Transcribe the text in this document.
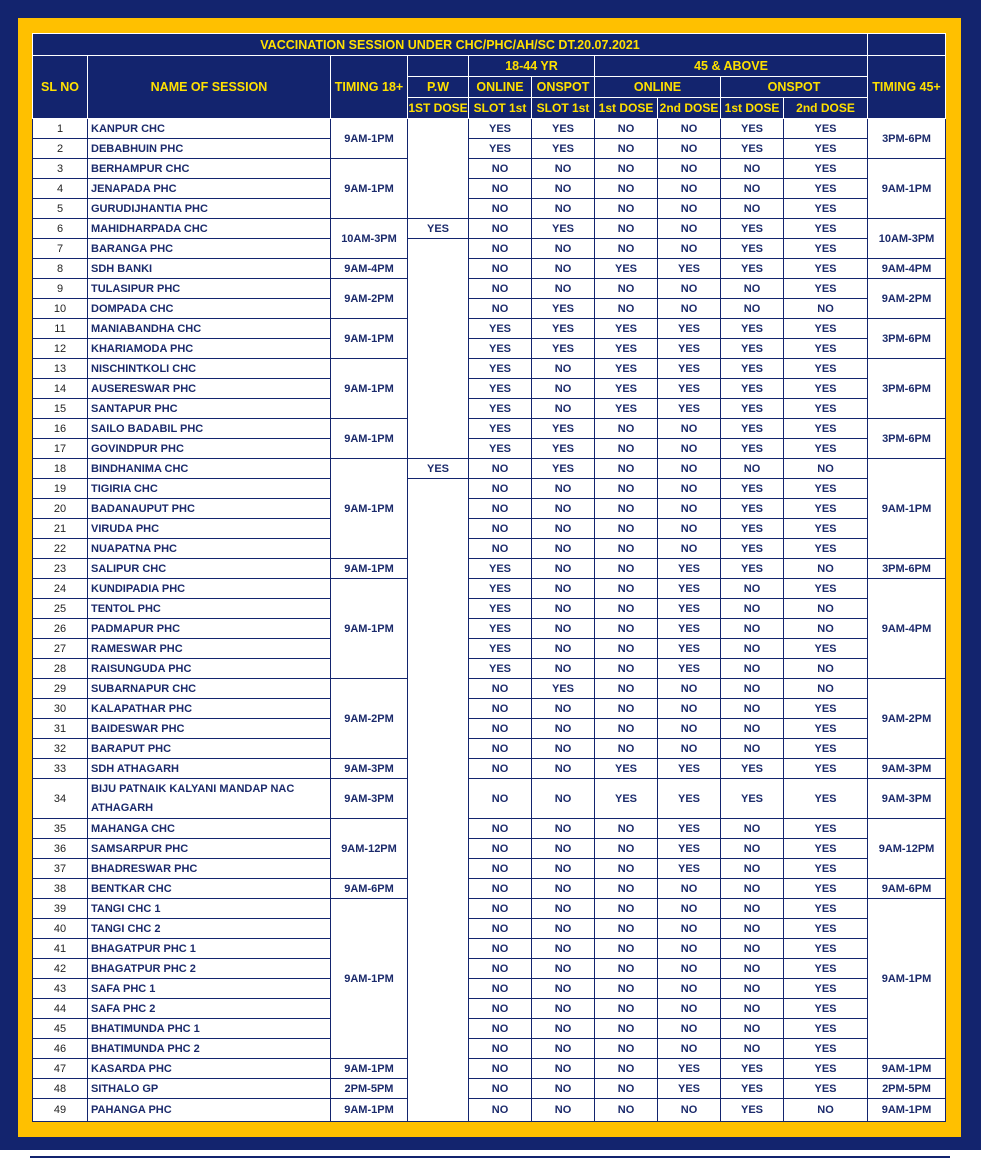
VACCINATION SESSION UNDER CHC/PHC/AH/SC DT.20.07.2021										
SL NO	NAME OF SESSION	TIMING 18+		18-44 YR		45 & ABOVE				TIMING 45+
			P.W	ONLINE	ONSPOT	ONLINE		ONSPOT		
			1ST DOSE	SLOT 1st	SLOT 1st	1st DOSE	2nd DOSE	1st DOSE	2nd DOSE	
1	KANPUR CHC	9AM-1PM		YES	YES	NO	NO	YES	YES	3PM-6PM
2	DEBABHUIN PHC			YES	YES	NO	NO	YES	YES	
3	BERHAMPUR CHC	9AM-1PM		NO	NO	NO	NO	NO	YES	9AM-1PM
4	JENAPADA PHC			NO	NO	NO	NO	NO	YES	
5	GURUDIJHANTIA PHC			NO	NO	NO	NO	NO	YES	
6	MAHIDHARPADA CHC	10AM-3PM	YES	NO	YES	NO	NO	YES	YES	10AM-3PM
7	BARANGA PHC			NO	NO	NO	NO	YES	YES	
8	SDH BANKI	9AM-4PM		NO	NO	YES	YES	YES	YES	9AM-4PM
9	TULASIPUR PHC	9AM-2PM		NO	NO	NO	NO	NO	YES	9AM-2PM
10	DOMPADA CHC			NO	YES	NO	NO	NO	NO	
11	MANIABANDHA CHC	9AM-1PM		YES	YES	YES	YES	YES	YES	3PM-6PM
12	KHARIAMODA PHC			YES	YES	YES	YES	YES	YES	
13	NISCHINTKOLI CHC	9AM-1PM		YES	NO	YES	YES	YES	YES	3PM-6PM
14	AUSERESWAR PHC			YES	NO	YES	YES	YES	YES	
15	SANTAPUR PHC			YES	NO	YES	YES	YES	YES	
16	SAILO BADABIL PHC	9AM-1PM		YES	YES	NO	NO	YES	YES	3PM-6PM
17	GOVINDPUR PHC			YES	YES	NO	NO	YES	YES	
18	BINDHANIMA CHC	9AM-1PM	YES	NO	YES	NO	NO	NO	NO	9AM-1PM
19	TIGIRIA CHC			NO	NO	NO	NO	YES	YES	
20	BADANAUPUT PHC			NO	NO	NO	NO	YES	YES	
21	VIRUDA PHC			NO	NO	NO	NO	YES	YES	
22	NUAPATNA PHC			NO	NO	NO	NO	YES	YES	
23	SALIPUR CHC	9AM-1PM		YES	NO	NO	YES	YES	NO	3PM-6PM
24	KUNDIPADIA PHC	9AM-1PM		YES	NO	NO	YES	NO	YES	9AM-4PM
25	TENTOL PHC			YES	NO	NO	YES	NO	NO	
26	PADMAPUR PHC			YES	NO	NO	YES	NO	NO	
27	RAMESWAR PHC			YES	NO	NO	YES	NO	YES	
28	RAISUNGUDA PHC			YES	NO	NO	YES	NO	NO	
29	SUBARNAPUR CHC	9AM-2PM		NO	YES	NO	NO	NO	NO	9AM-2PM
30	KALAPATHAR PHC			NO	NO	NO	NO	NO	YES	
31	BAIDESWAR PHC			NO	NO	NO	NO	NO	YES	
32	BARAPUT PHC			NO	NO	NO	NO	NO	YES	
33	SDH ATHAGARH	9AM-3PM		NO	NO	YES	YES	YES	YES	9AM-3PM
34	BIJU PATNAIK KALYANI MANDAP NAC ATHAGARH	9AM-3PM		NO	NO	YES	YES	YES	YES	9AM-3PM
35	MAHANGA CHC	9AM-12PM		NO	NO	NO	YES	NO	YES	9AM-12PM
36	SAMSARPUR PHC			NO	NO	NO	YES	NO	YES	
37	BHADRESWAR PHC			NO	NO	NO	YES	NO	YES	
38	BENTKAR CHC	9AM-6PM		NO	NO	NO	NO	NO	YES	9AM-6PM
39	TANGI CHC 1	9AM-1PM		NO	NO	NO	NO	NO	YES	9AM-1PM
40	TANGI CHC 2			NO	NO	NO	NO	NO	YES	
41	BHAGATPUR PHC 1			NO	NO	NO	NO	NO	YES	
42	BHAGATPUR PHC 2			NO	NO	NO	NO	NO	YES	
43	SAFA PHC 1			NO	NO	NO	NO	NO	YES	
44	SAFA PHC 2			NO	NO	NO	NO	NO	YES	
45	BHATIMUNDA PHC 1			NO	NO	NO	NO	NO	YES	
46	BHATIMUNDA PHC 2			NO	NO	NO	NO	NO	YES	
47	KASARDA PHC	9AM-1PM		NO	NO	NO	YES	YES	YES	9AM-1PM
48	SITHALO GP	2PM-5PM		NO	NO	NO	YES	YES	YES	2PM-5PM
49	PAHANGA PHC	9AM-1PM		NO	NO	NO	NO	YES	NO	9AM-1PM
